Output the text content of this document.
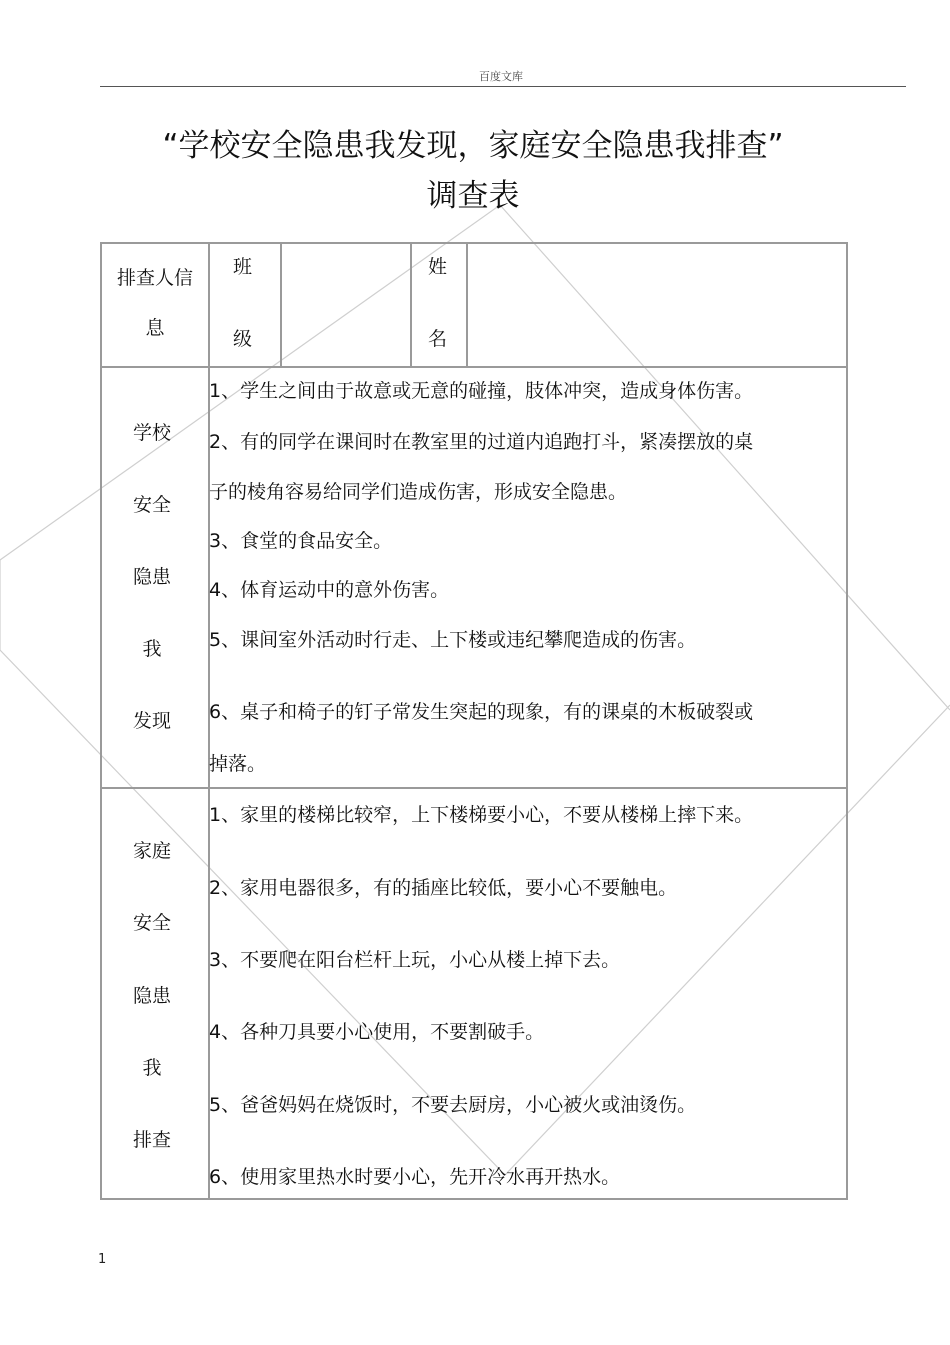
百度文库
“学校安全隐患我发现，家庭安全隐患我排查”
调查表
排查人信
息
班
级
姓
名
学校
安全
隐患
我
发现
1、学生之间由于故意或无意的碰撞，肢体冲突，造成身体伤害。
2、有的同学在课间时在教室里的过道内追跑打斗，紧凑摆放的桌
子的棱角容易给同学们造成伤害，形成安全隐患。
3、食堂的食品安全。
4、体育运动中的意外伤害。
5、课间室外活动时行走、上下楼或违纪攀爬造成的伤害。
6、桌子和椅子的钉子常发生突起的现象，有的课桌的木板破裂或
掉落。
家庭
安全
隐患
我
排查
1、家里的楼梯比较窄，上下楼梯要小心，不要从楼梯上摔下来。
2、家用电器很多，有的插座比较低，要小心不要触电。
3、不要爬在阳台栏杆上玩，小心从楼上掉下去。
4、各种刀具要小心使用，不要割破手。
5、爸爸妈妈在烧饭时，不要去厨房，小心被火或油烫伤。
6、使用家里热水时要小心，先开冷水再开热水。
1
